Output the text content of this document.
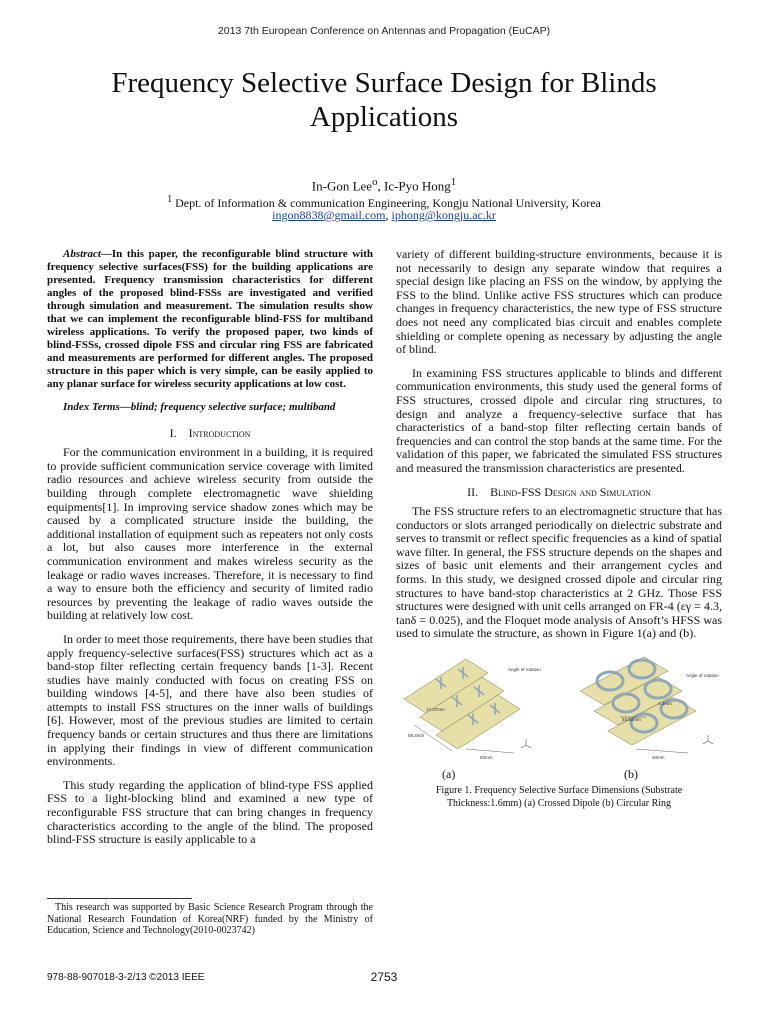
2013 7th European Conference on Antennas and Propagation (EuCAP)
Frequency Selective Surface Design for Blinds Applications
In-Gon Lee$^o$, Ic-Pyo Hong$^1$
$^1$ Dept. of Information & communication Engineering, Kongju National University, Korea
ingon8838@gmail.com, iphong@kongju.ac.kr

Abstract—In this paper, the reconfigurable blind structure with frequency selective surfaces(FSS) for the building applications are presented. Frequency transmission characteristics for different angles of the proposed blind-FSSs are investigated and verified through simulation and measurement. The simulation results show that we can implement the reconfigurable blind-FSS for multiband wireless applications. To verify the proposed paper, two kinds of blind-FSSs, crossed dipole FSS and circular ring FSS are fabricated and measurements are performed for different angles. The proposed structure in this paper which is very simple, can be easily applied to any planar surface for wireless security applications at low cost.

Index Terms—blind; frequency selective surface; multiband

I. Introduction

For the communication environment in a building, it is required to provide sufficient communication service coverage with limited radio resources and achieve wireless security from outside the building through complete electromagnetic wave shielding equipments[1]. In improving service shadow zones which may be caused by a complicated structure inside the building, the additional installation of equipment such as repeaters not only costs a lot, but also causes more interference in the external communication environment and makes wireless security as the leakage or radio waves increases. Therefore, it is necessary to find a way to ensure both the efficiency and security of limited radio resources by preventing the leakage of radio waves outside the building at relatively low cost.

In order to meet those requirements, there have been studies that apply frequency-selective surfaces(FSS) structures which act as a band-stop filter reflecting certain frequency bands [1-3]. Recent studies have mainly conducted with focus on creating FSS on building windows [4-5], and there have also been studies of attempts to install FSS structures on the inner walls of buildings [6]. However, most of the previous studies are limited to certain frequency bands or certain structures and thus there are limitations in applying their findings in view of different communication environments.

This study regarding the application of blind-type FSS applied FSS to a light-blocking blind and examined a new type of reconfigurable FSS structure that can bring changes in frequency characteristics according to the angle of the blind. The proposed blind-FSS structure is easily applicable to a

variety of different building-structure environments, because it is not necessarily to design any separate window that requires a special design like placing an FSS on the window, by applying the FSS to the blind. Unlike active FSS structures which can produce changes in frequency characteristics, the new type of FSS structure does not need any complicated bias circuit and enables complete shielding or complete opening as necessary by adjusting the angle of blind.

In examining FSS structures applicable to blinds and different communication environments, this study used the general forms of FSS structures, crossed dipole and circular ring structures, to design and analyze a frequency-selective surface that has characteristics of a band-stop filter reflecting certain bands of frequencies and can control the stop bands at the same time. For the validation of this paper, we fabricated the simulated FSS structures and measured the transmission characteristics are presented.

II. Blind-FSS Design and Simulation

The FSS structure refers to an electromagnetic structure that has conductors or slots arranged periodically on dielectric substrate and serves to transmit or reflect specific frequencies as a kind of spatial wave filter. In general, the FSS structure depends on the shapes and sizes of basic unit elements and their arrangement cycles and forms. In this study, we designed crossed dipole and circular ring structures to have band-stop characteristics at 2 GHz. Those FSS structures were designed with unit cells arranged on FR-4 (εγ = 4.3, tanδ = 0.025), and the Floquet mode analysis of Ansoft’s HFSS was used to simulate the structure, as shown in Figure 1(a) and (b).

59.4mm
17.37mm
50mm
Angle of rotation
45.52mm
4.2mm
50mm
Angle of rotation
(a)	(b)

Figure 1. Frequency Selective Surface Dimensions (Substrate Thickness:1.6mm) (a) Crossed Dipole (b) Circular Ring

This research was supported by Basic Science Research Program through the National Research Foundation of Korea(NRF) funded by the Ministry of Education, Science and Technology(2010-0023742)
978-88-907018-3-2/13 ©2013 IEEE	2753
